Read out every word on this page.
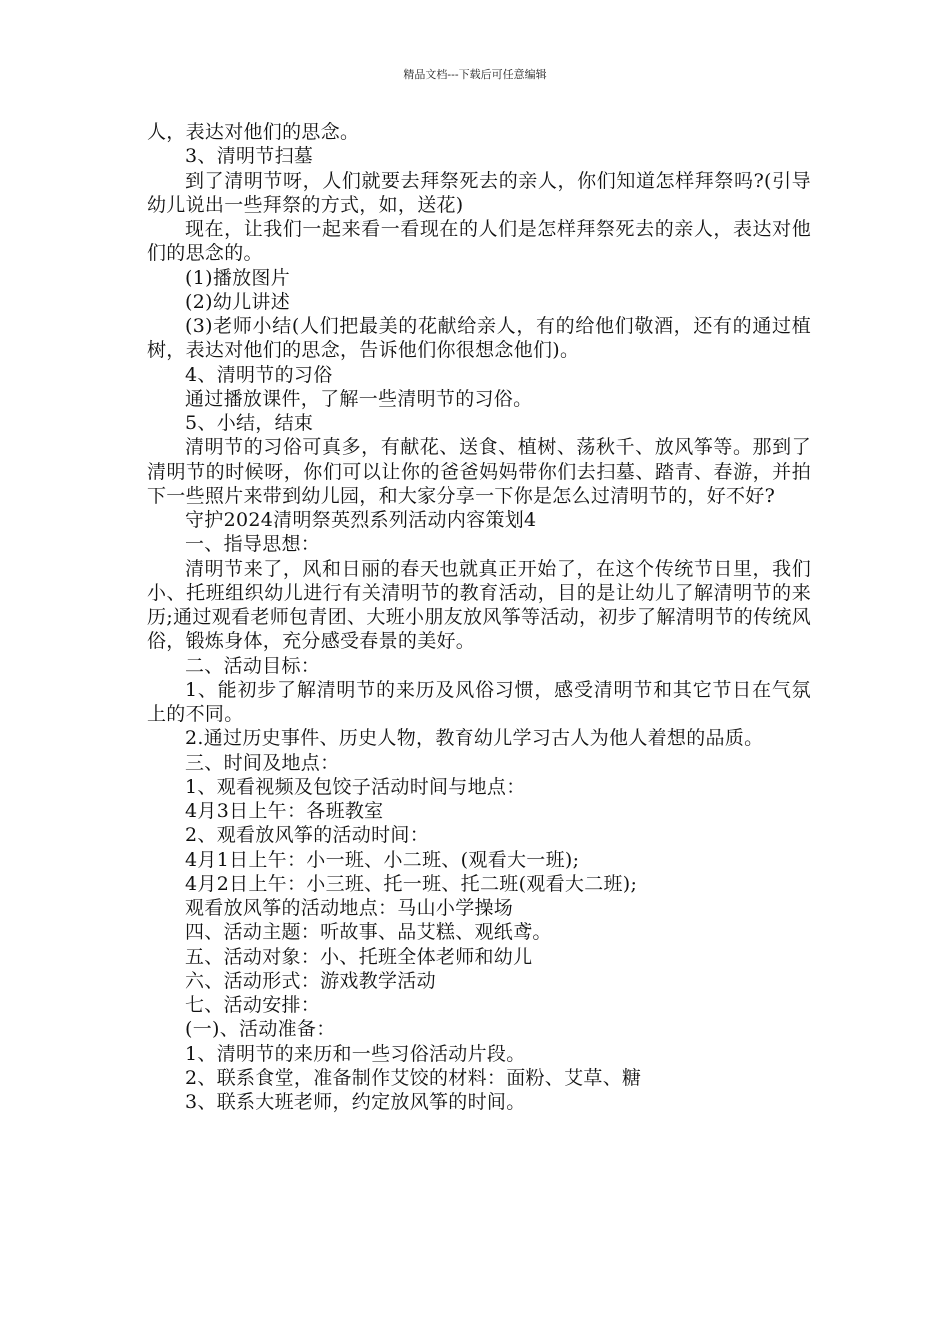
精品文档---下载后可任意编辑

人，表达对他们的思念。

3、清明节扫墓

到了清明节呀，人们就要去拜祭死去的亲人，你们知道怎样拜祭吗?(引导幼儿说出一些拜祭的方式，如，送花)

现在，让我们一起来看一看现在的人们是怎样拜祭死去的亲人，表达对他们的思念的。

(1)播放图片

(2)幼儿讲述

(3)老师小结(人们把最美的花献给亲人，有的给他们敬酒，还有的通过植树，表达对他们的思念，告诉他们你很想念他们)。

4、清明节的习俗

通过播放课件，了解一些清明节的习俗。

5、小结，结束

清明节的习俗可真多，有献花、送食、植树、荡秋千、放风筝等。那到了清明节的时候呀，你们可以让你的爸爸妈妈带你们去扫墓、踏青、春游，并拍下一些照片来带到幼儿园，和大家分享一下你是怎么过清明节的，好不好?

守护2024清明祭英烈系列活动内容策划4

一、指导思想：

清明节来了，风和日丽的春天也就真正开始了，在这个传统节日里，我们小、托班组织幼儿进行有关清明节的教育活动，目的是让幼儿了解清明节的来历;通过观看老师包青团、大班小朋友放风筝等活动，初步了解清明节的传统风俗，锻炼身体，充分感受春景的美好。

二、活动目标：

1、能初步了解清明节的来历及风俗习惯，感受清明节和其它节日在气氛上的不同。

2.通过历史事件、历史人物，教育幼儿学习古人为他人着想的品质。

三、时间及地点：

1、观看视频及包饺子活动时间与地点：

4月3日上午：各班教室

2、观看放风筝的活动时间：

4月1日上午：小一班、小二班、(观看大一班);

4月2日上午：小三班、托一班、托二班(观看大二班);

观看放风筝的活动地点：马山小学操场

四、活动主题：听故事、品艾糕、观纸鸢。

五、活动对象：小、托班全体老师和幼儿

六、活动形式：游戏教学活动

七、活动安排：

(一)、活动准备：

1、清明节的来历和一些习俗活动片段。

2、联系食堂，准备制作艾饺的材料：面粉、艾草、糖

3、联系大班老师，约定放风筝的时间。
